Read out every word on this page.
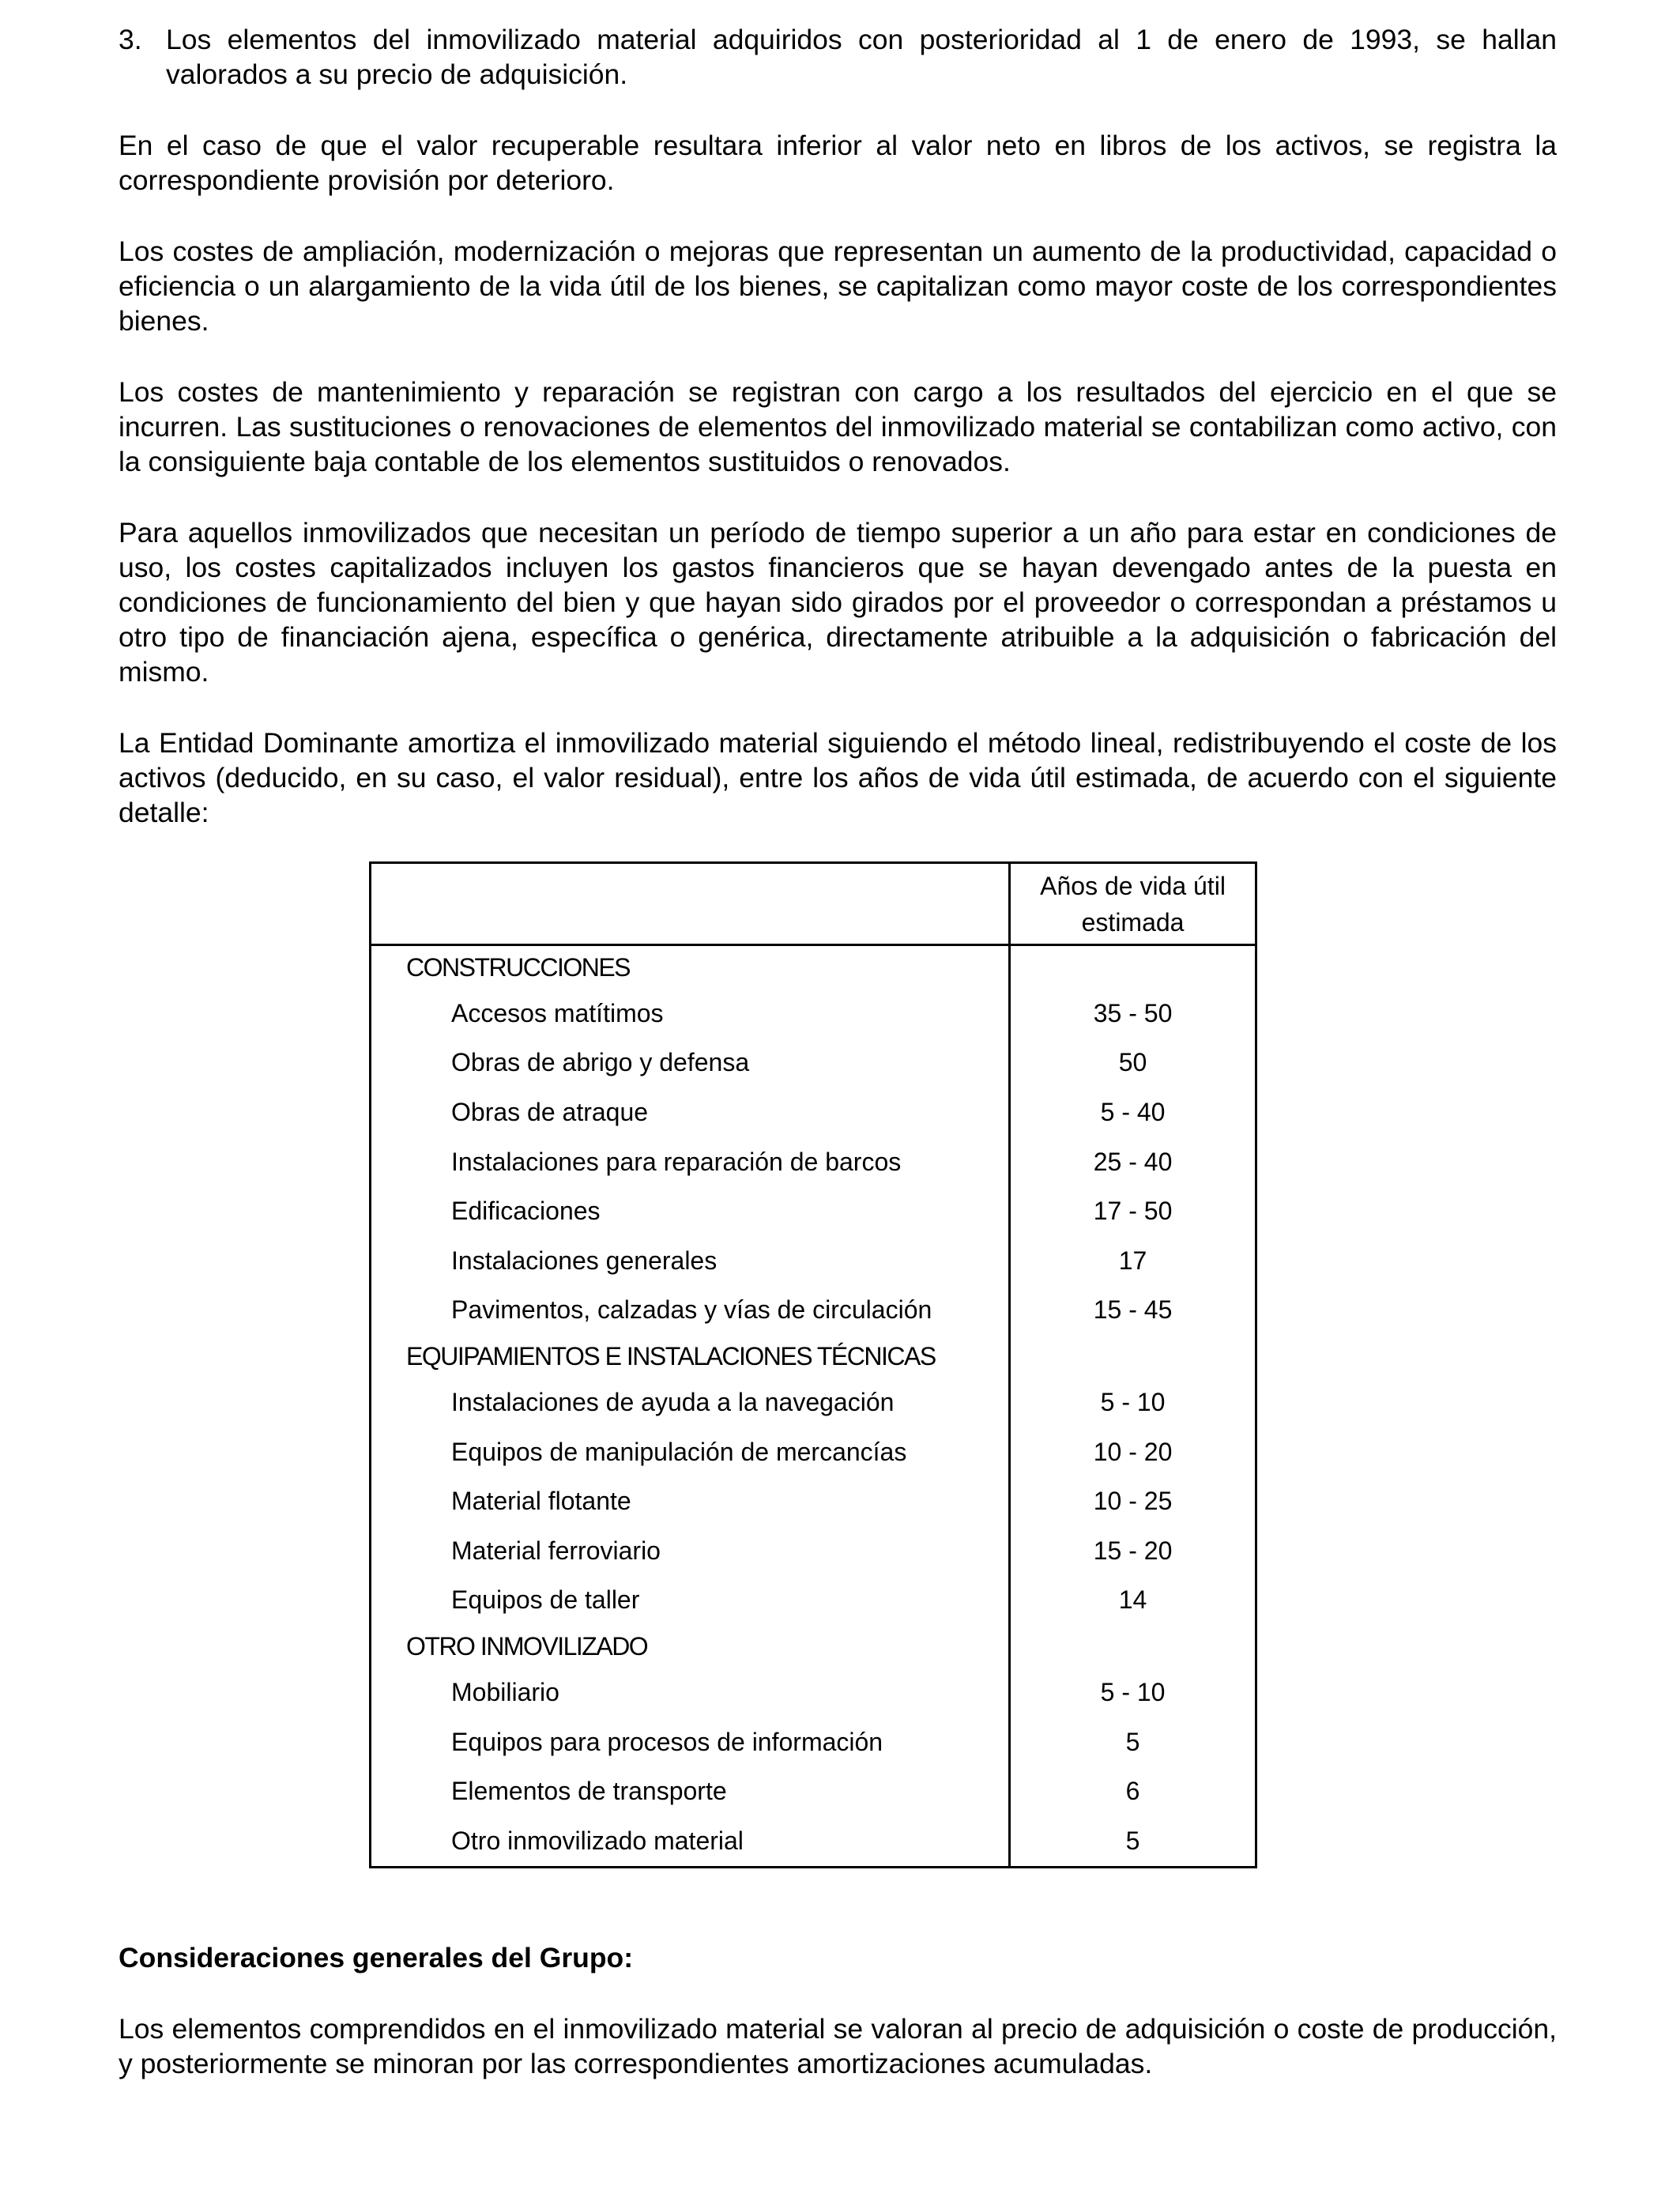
3. Los elementos del inmovilizado material adquiridos con posterioridad al 1 de enero de 1993, se hallan valorados a su precio de adquisición.

En el caso de que el valor recuperable resultara inferior al valor neto en libros de los activos, se registra la correspondiente provisión por deterioro.

Los costes de ampliación, modernización o mejoras que representan un aumento de la productividad, capacidad o eficiencia o un alargamiento de la vida útil de los bienes, se capitalizan como mayor coste de los correspondientes bienes.

Los costes de mantenimiento y reparación se registran con cargo a los resultados del ejercicio en el que se incurren. Las sustituciones o renovaciones de elementos del inmovilizado material se contabilizan como activo, con la consiguiente baja contable de los elementos sustituidos o renovados.

Para aquellos inmovilizados que necesitan un período de tiempo superior a un año para estar en condiciones de uso, los costes capitalizados incluyen los gastos financieros que se hayan devengado antes de la puesta en condiciones de funcionamiento del bien y que hayan sido girados por el proveedor o correspondan a préstamos u otro tipo de financiación ajena, específica o genérica, directamente atribuible a la adquisición o fabricación del mismo.

La Entidad Dominante amortiza el inmovilizado material siguiendo el método lineal, redistribuyendo el coste de los activos (deducido, en su caso, el valor residual), entre los años de vida útil estimada, de acuerdo con el siguiente detalle:

	Años de vida útil
estimada
CONSTRUCCIONES	
Accesos matítimos	35 - 50
Obras de abrigo y defensa	50
Obras de atraque	5 - 40
Instalaciones para reparación de barcos	25 - 40
Edificaciones	17 - 50
Instalaciones generales	17
Pavimentos, calzadas y vías de circulación	15 - 45
EQUIPAMIENTOS E INSTALACIONES TÉCNICAS	
Instalaciones de ayuda a la navegación	5 - 10
Equipos de manipulación de mercancías	10 - 20
Material flotante	10 - 25
Material ferroviario	15 - 20
Equipos de taller	14
OTRO INMOVILIZADO	
Mobiliario	5 - 10
Equipos para procesos de información	5
Elementos de transporte	6
Otro inmovilizado material	5
Consideraciones generales del Grupo:

Los elementos comprendidos en el inmovilizado material se valoran al precio de adquisición o coste de producción, y posteriormente se minoran por las correspondientes amortizaciones acumuladas.
